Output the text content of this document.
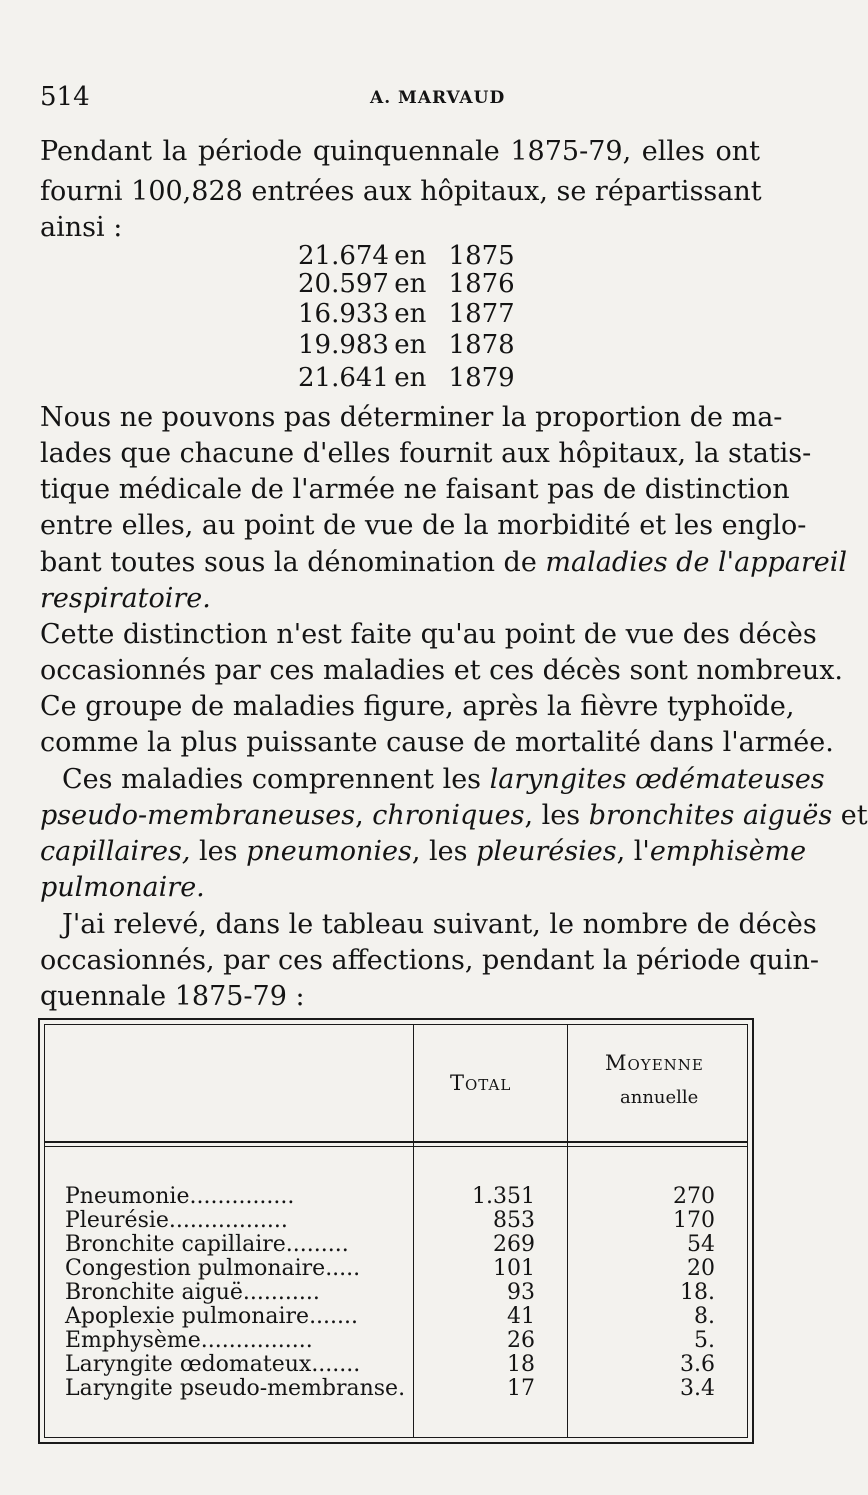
514	A. MARVAUD
Pendant la période quinquennale 1875-79, elles ont
fourni 100,828 entrées aux hôpitaux, se répartissant
ainsi :
21.674 en 1875
20.597 en 1876
16.933 en 1877
19.983 en 1878
21.641 en 1879
Nous ne pouvons pas déterminer la proportion de ma-
lades que chacune d'elles fournit aux hôpitaux, la statis-
tique médicale de l'armée ne faisant pas de distinction
entre elles, au point de vue de la morbidité et les englo-
bant toutes sous la dénomination de maladies de l'appareil
respiratoire.
Cette distinction n'est faite qu'au point de vue des décès
occasionnés par ces maladies et ces décès sont nombreux.
Ce groupe de maladies figure, après la fièvre typhoïde,
comme la plus puissante cause de mortalité dans l'armée.
Ces maladies comprennent les laryngites œdémateuses
pseudo-membraneuses, chroniques, les bronchites aiguës et
capillaires, les pneumonies, les pleurésies, l'emphisème
pulmonaire.
J'ai relevé, dans le tableau suivant, le nombre de décès
occasionnés, par ces affections, pendant la période quin-
quennale 1875-79 :
Total
Moyenne
annuelle
Pneumonie...............	1.351	270
Pleurésie.................	853	170
Bronchite capillaire.........	269	54
Congestion pulmonaire.....	101	20
Bronchite aiguë...........	93	18.
Apoplexie pulmonaire.......	41	8.
Emphysème................	26	5.
Laryngite œdomateux.......	18	3.6
Laryngite pseudo-membranse.	17	3.4
